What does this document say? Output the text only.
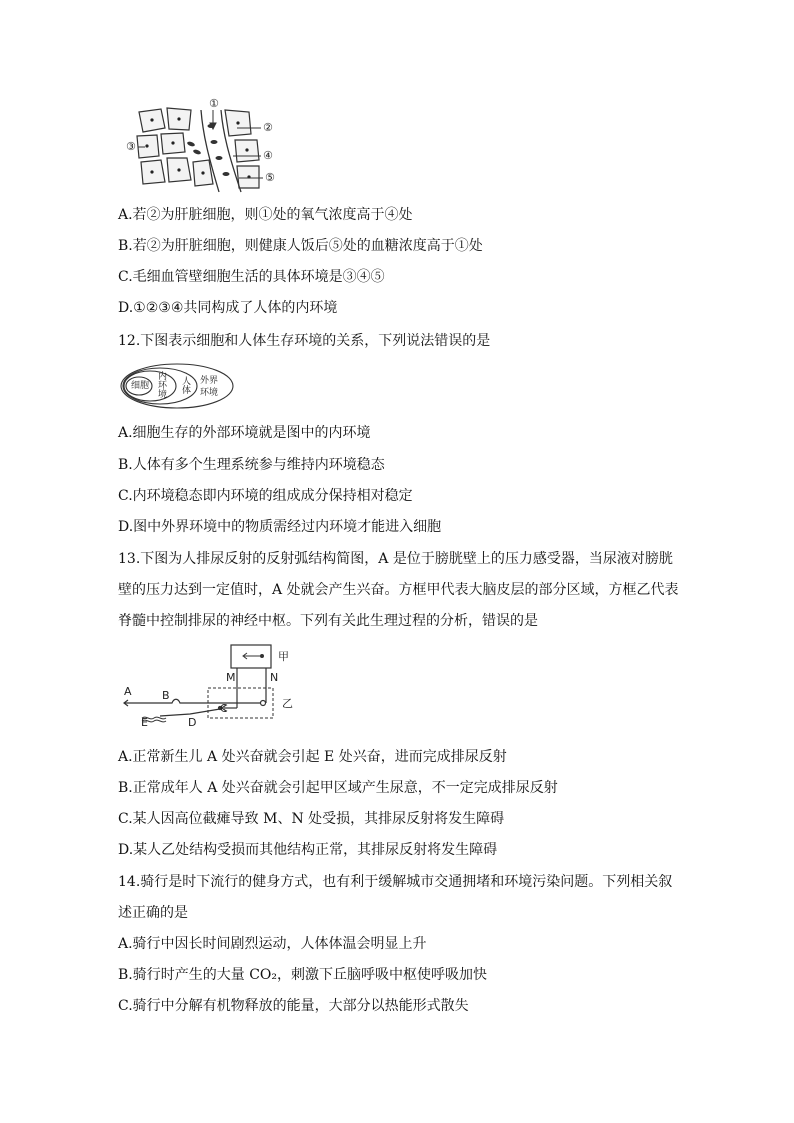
①
②
③
④
⑤
A.若②为肝脏细胞，则①处的氧气浓度高于④处
B.若②为肝脏细胞，则健康人饭后⑤处的血糖浓度高于①处
C.毛细血管壁细胞生活的具体环境是③④⑤
D.①②③④共同构成了人体的内环境
12.下图表示细胞和人体生存环境的关系，下列说法错误的是
细胞 内环境 人体 外界
环境
A.细胞生存的外部环境就是图中的内环境
B.人体有多个生理系统参与维持内环境稳态
C.内环境稳态即内环境的组成成分保持相对稳定
D.图中外界环境中的物质需经过内环境才能进入细胞
13.下图为人排尿反射的反射弧结构简图，A 是位于膀胱壁上的压力感受器，当尿液对膀胱
壁的压力达到一定值时，A 处就会产生兴奋。方框甲代表大脑皮层的部分区域，方框乙代表
脊髓中控制排尿的神经中枢。下列有关此生理过程的分析，错误的是
甲
M	N
A	B
C
E	D
乙
A.正常新生儿 A 处兴奋就会引起 E 处兴奋，进而完成排尿反射
B.正常成年人 A 处兴奋就会引起甲区域产生尿意，不一定完成排尿反射
C.某人因高位截瘫导致 M、N 处受损，其排尿反射将发生障碍
D.某人乙处结构受损而其他结构正常，其排尿反射将发生障碍
14.骑行是时下流行的健身方式，也有利于缓解城市交通拥堵和环境污染问题。下列相关叙
述正确的是
A.骑行中因长时间剧烈运动，人体体温会明显上升
B.骑行时产生的大量 CO₂，刺激下丘脑呼吸中枢使呼吸加快
C.骑行中分解有机物释放的能量，大部分以热能形式散失
